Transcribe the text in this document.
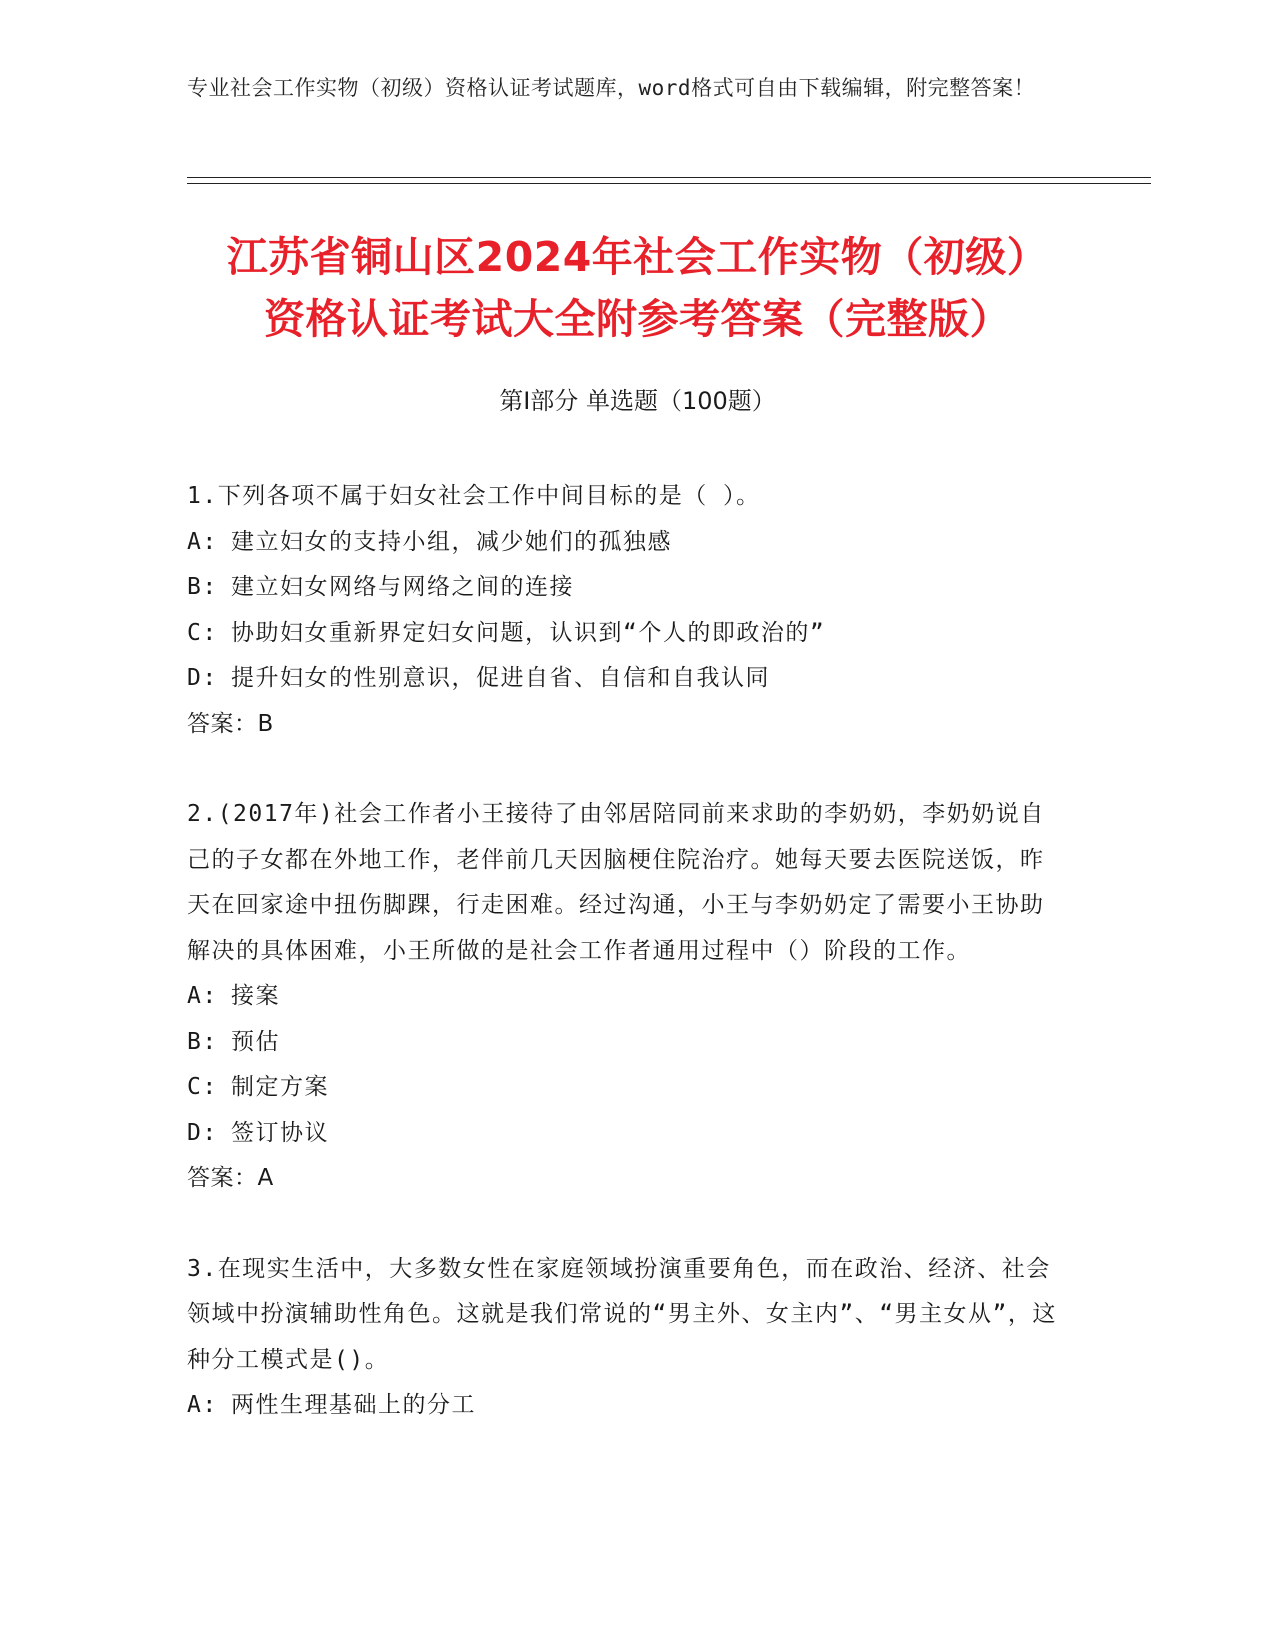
专业社会工作实物（初级）资格认证考试题库，word格式可自由下载编辑，附完整答案！
江苏省铜山区2024年社会工作实物（初级）
资格认证考试大全附参考答案（完整版）
第Ⅰ部分 单选题（100题）

1.下列各项不属于妇女社会工作中间目标的是（ ）。

A: 建立妇女的支持小组，减少她们的孤独感

B: 建立妇女网络与网络之间的连接

C: 协助妇女重新界定妇女问题，认识到“个人的即政治的”

D: 提升妇女的性别意识，促进自省、自信和自我认同

答案：B

2.(2017年)社会工作者小王接待了由邻居陪同前来求助的李奶奶，李奶奶说自己的子女都在外地工作，老伴前几天因脑梗住院治疗。她每天要去医院送饭，昨天在回家途中扭伤脚踝，行走困难。经过沟通，小王与李奶奶定了需要小王协助解决的具体困难，小王所做的是社会工作者通用过程中（）阶段的工作。

A: 接案

B: 预估

C: 制定方案

D: 签订协议

答案：A

3.在现实生活中，大多数女性在家庭领域扮演重要角色，而在政治、经济、社会领域中扮演辅助性角色。这就是我们常说的“男主外、女主内”、“男主女从”，这种分工模式是()。

A: 两性生理基础上的分工
